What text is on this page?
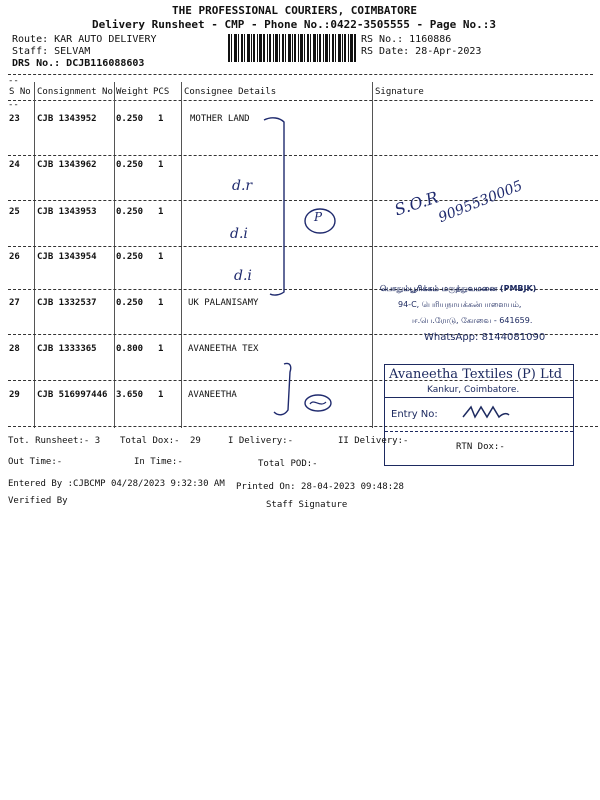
THE PROFESSIONAL COURIERS, COIMBATORE
Delivery Runsheet - CMP - Phone No.:0422-3505555 - Page No.:3
Route: KAR AUTO DELIVERY
Staff: SELVAM
DRS No.: DCJB116088603
RS No.: 1160886
RS Date: 28-Apr-2023
--
S No Consignment No Weight PCS Consignee Details	Signature
--
23 CJB 1343952 0.250 1	MOTHER LAND
24 CJB 1343962 0.250 1
25 CJB 1343953 0.250 1
26 CJB 1343954 0.250 1
27 CJB 1332537 0.250 1	UK PALANISAMY
28 CJB 1333365 0.800 1	AVANEETHA TEX
29 CJB 516997446 3.650 1	AVANEETHA
d.r
d.i
d.i
P	S.O.R
9095530005
பொதும்பூரிக்கம் மருத்துவமனை (PMBJK)
94-C, பெரியநாயக்கன்பாளையம்,
ஈ.பெ.ரோடு, கோவை - 641659.
WhatsApp: 8144081090
Avaneetha Textiles (P) Ltd
Kankur, Coimbatore.
Entry No:
Tot. Runsheet:- 3 Total Dox:- 29	I Delivery:-	II Delivery:-
RTN Dox:-
Out Time:-	In Time:-	Total POD:-
Entered By :CJBCMP 04/28/2023 9:32:30 AM Printed On: 28-04-2023 09:48:28
Verified By	Staff Signature
